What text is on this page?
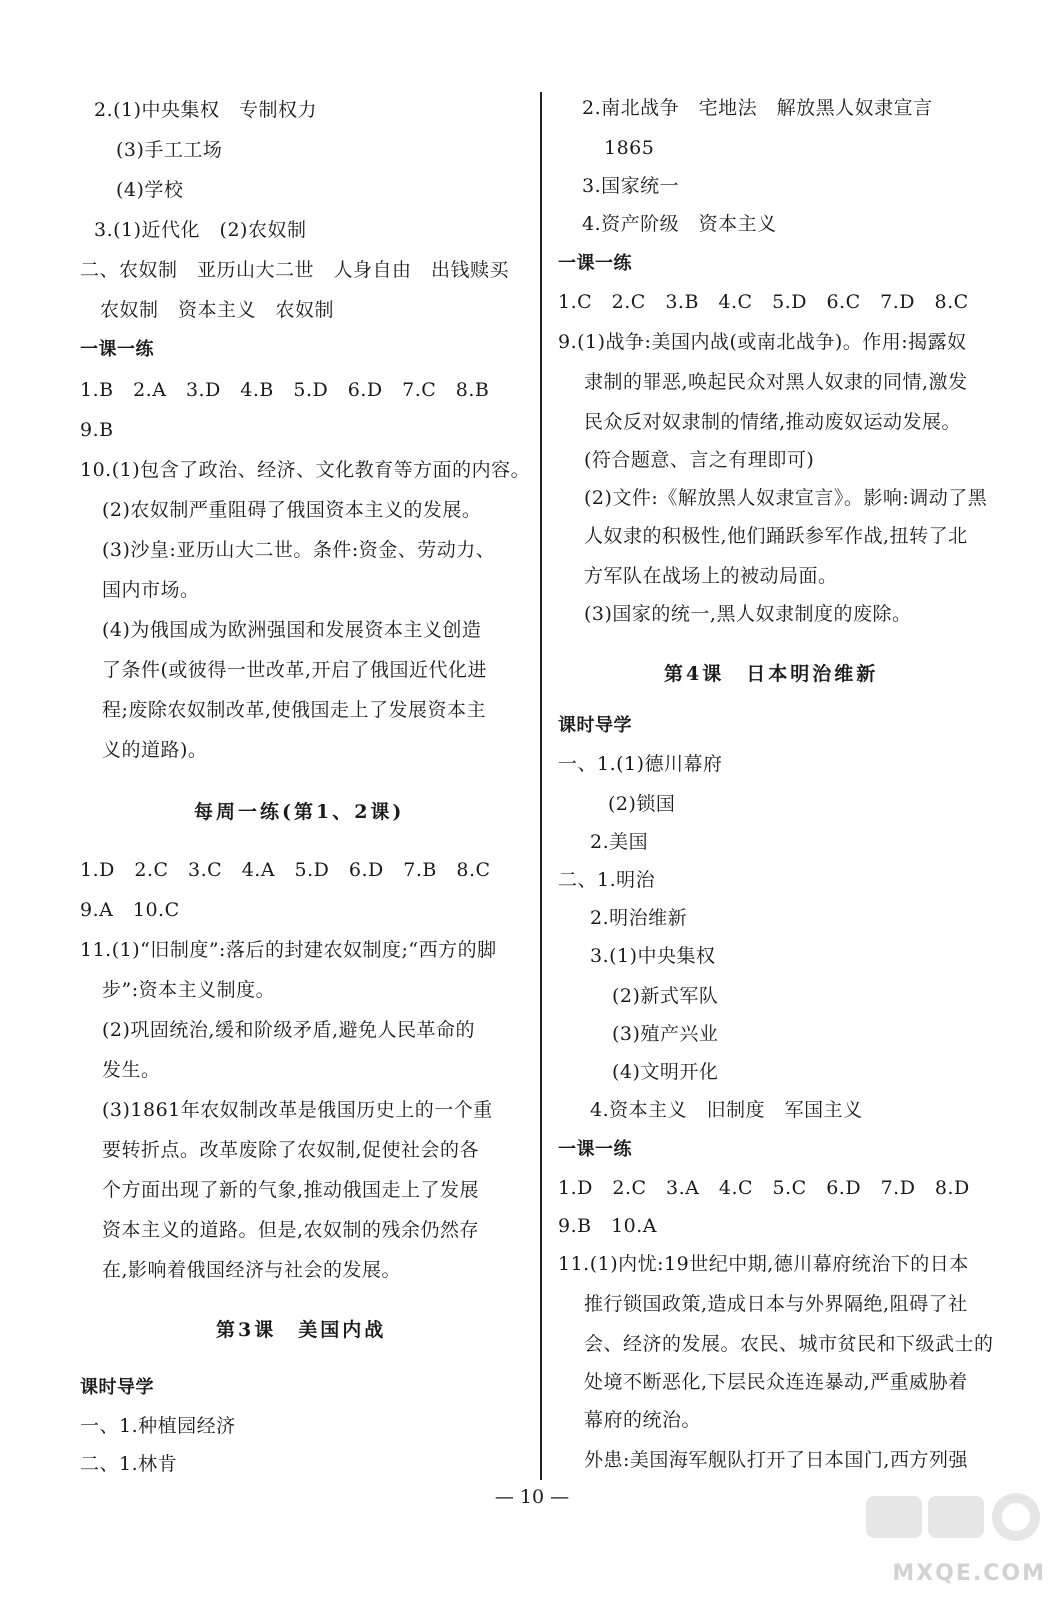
2.(1)中央集权　专制权力
(3)手工工场
(4)学校
3.(1)近代化　(2)农奴制
二、农奴制　亚历山大二世　人身自由　出钱赎买
农奴制　资本主义　农奴制
一课一练
1.B　2.A　3.D　4.B　5.D　6.D　7.C　8.B
9.B
10.(1)包含了政治、经济、文化教育等方面的内容。
(2)农奴制严重阻碍了俄国资本主义的发展。
(3)沙皇:亚历山大二世。条件:资金、劳动力、
国内市场。
(4)为俄国成为欧洲强国和发展资本主义创造
了条件(或彼得一世改革,开启了俄国近代化进
程;废除农奴制改革,使俄国走上了发展资本主
义的道路)。
每周一练(第1、2课)
1.D　2.C　3.C　4.A　5.D　6.D　7.B　8.C
9.A　10.C
11.(1)“旧制度”:落后的封建农奴制度;“西方的脚
步”:资本主义制度。
(2)巩固统治,缓和阶级矛盾,避免人民革命的
发生。
(3)1861年农奴制改革是俄国历史上的一个重
要转折点。改革废除了农奴制,促使社会的各
个方面出现了新的气象,推动俄国走上了发展
资本主义的道路。但是,农奴制的残余仍然存
在,影响着俄国经济与社会的发展。
第3课　美国内战
课时导学
一、1.种植园经济
二、1.林肯
2.南北战争　宅地法　解放黑人奴隶宣言
1865
3.国家统一
4.资产阶级　资本主义
一课一练
1.C　2.C　3.B　4.C　5.D　6.C　7.D　8.C
9.(1)战争:美国内战(或南北战争)。作用:揭露奴
隶制的罪恶,唤起民众对黑人奴隶的同情,激发
民众反对奴隶制的情绪,推动废奴运动发展。
(符合题意、言之有理即可)
(2)文件:《解放黑人奴隶宣言》。影响:调动了黑
人奴隶的积极性,他们踊跃参军作战,扭转了北
方军队在战场上的被动局面。
(3)国家的统一,黑人奴隶制度的废除。
第4课　日本明治维新
课时导学
一、1.(1)德川幕府
(2)锁国
2.美国
二、1.明治
2.明治维新
3.(1)中央集权
(2)新式军队
(3)殖产兴业
(4)文明开化
4.资本主义　旧制度　军国主义
一课一练
1.D　2.C　3.A　4.C　5.C　6.D　7.D　8.D
9.B　10.A
11.(1)内忧:19世纪中期,德川幕府统治下的日本
推行锁国政策,造成日本与外界隔绝,阻碍了社
会、经济的发展。农民、城市贫民和下级武士的
处境不断恶化,下层民众连连暴动,严重威胁着
幕府的统治。
外患:美国海军舰队打开了日本国门,西方列强
— 10 —
MXQE.COM
